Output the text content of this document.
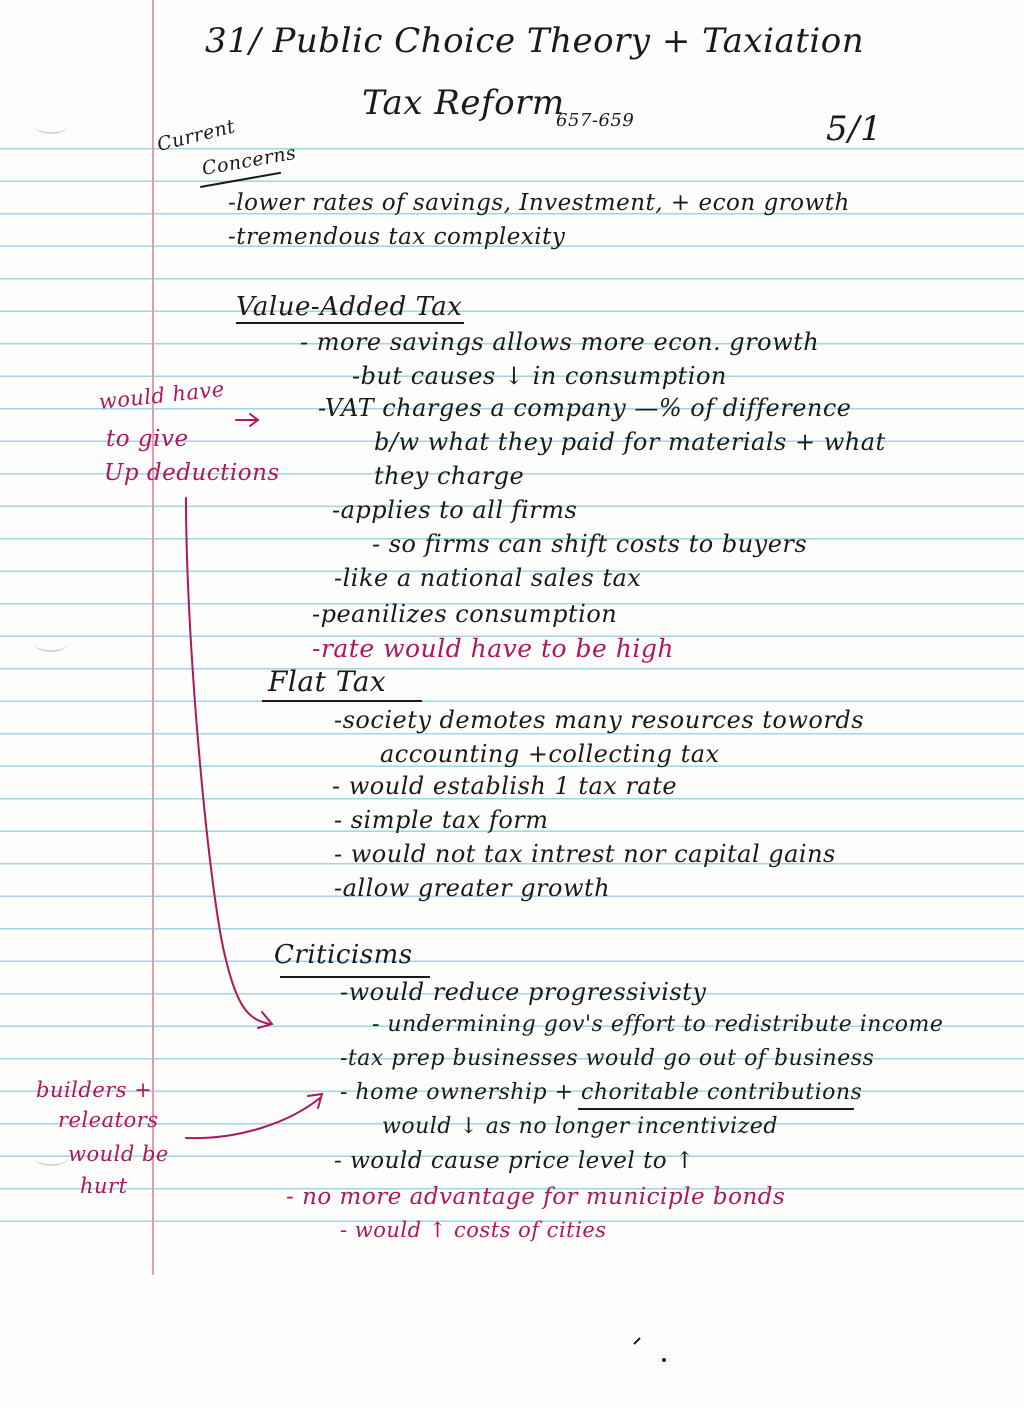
31/ Public Choice Theory + Taxiation
Tax Reform
657-659	5/1
Current
Concerns
-lower rates of savings, Investment, + econ growth
-tremendous tax complexity
Value-Added Tax
- more savings allows more econ. growth
-but causes ↓ in consumption
-VAT charges a company —% of difference
b/w what they paid for materials + what
they charge
-applies to all firms
- so firms can shift costs to buyers
-like a national sales tax
-peanilizes consumption
-rate would have to be high
Flat Tax
-society demotes many resources towords
accounting +collecting tax
- would establish 1 tax rate
- simple tax form
- would not tax intrest nor capital gains
-allow greater growth
Criticisms
-would reduce progressivisty
- undermining gov's effort to redistribute income
-tax prep businesses would go out of business
- home ownership + choritable contributions
would ↓ as no longer incentivized
- would cause price level to ↑
- no more advantage for municiple bonds
- would ↑ costs of cities
would have
to give
Up deductions
builders +
releators
would be
hurt
